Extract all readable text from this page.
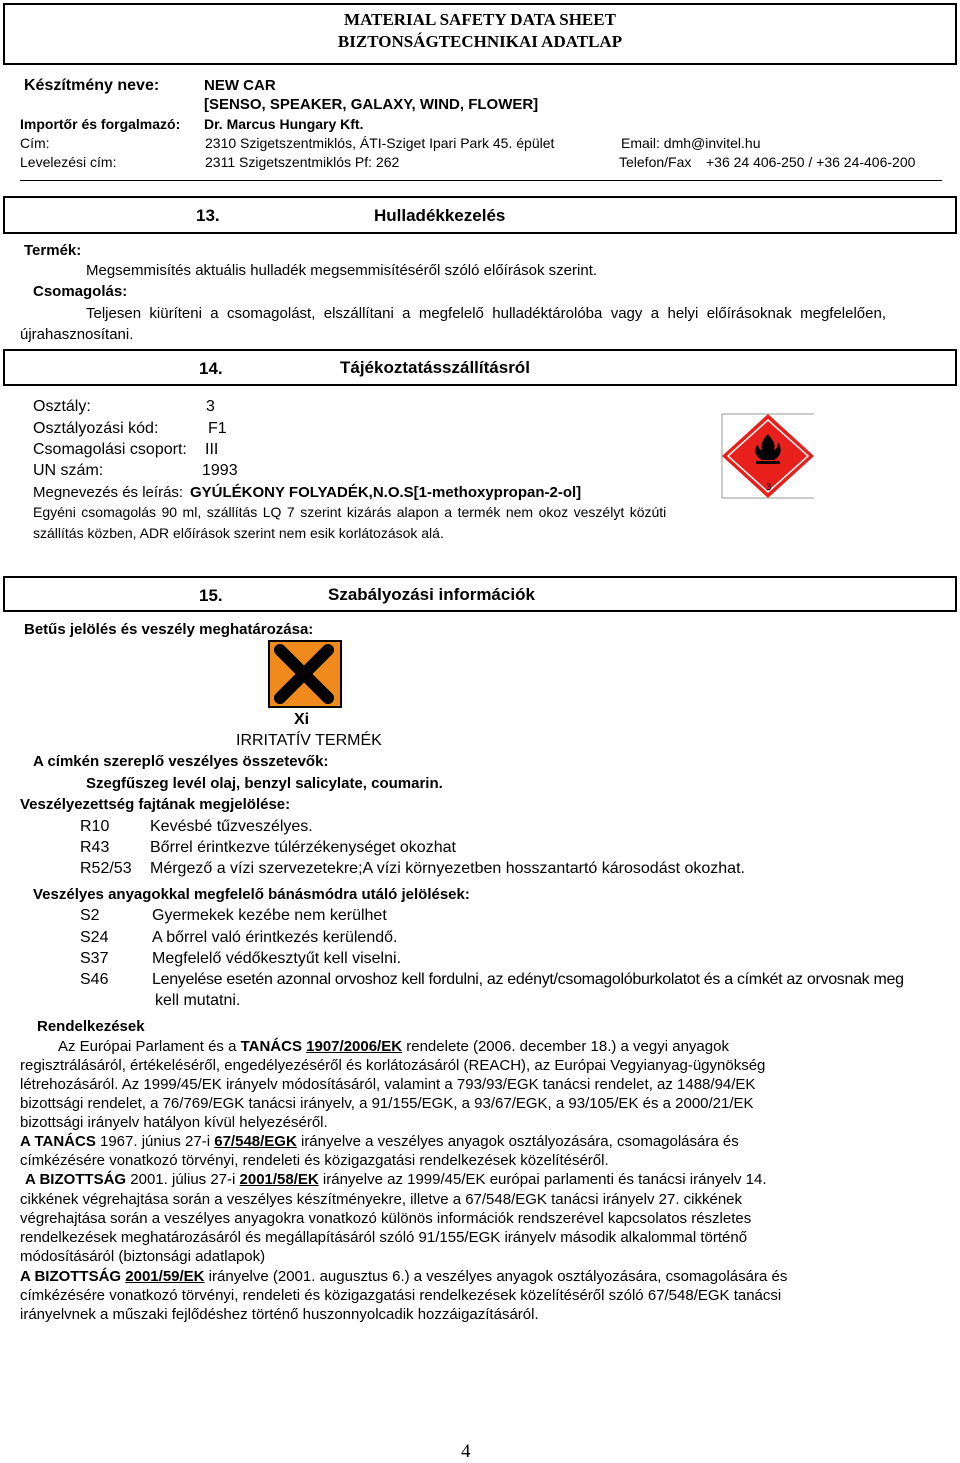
MATERIAL SAFETY DATA SHEET
BIZTONSÁGTECHNIKAI ADATLAP
Készítmény neve:	NEW CAR
[SENSO, SPEAKER, GALAXY, WIND, FLOWER]
Importőr és forgalmazó: Dr. Marcus Hungary Kft.
Cím:	2310 Szigetszentmiklós, ÁTI-Sziget Ipari Park 45. épület	Email: dmh@invitel.hu
Levelezési cím:	2311 Szigetszentmiklós Pf: 262	Telefon/Fax +36 24 406-250 / +36 24-406-200
13.	Hulladékkezelés
Termék:
Megsemmisítés aktuális hulladék megsemmisítéséről szóló előírások szerint.
Csomagolás:
Teljesen kiüríteni a csomagolást, elszállítani a megfelelő hulladéktárolóba vagy a helyi előírásoknak megfelelően,
újrahasznosítani.
14.	Tájékoztatásszállításról
Osztály:	3
Osztályozási kód:	F1
Csomagolási csoport: III
UN szám:	1993
Megnevezés és leírás: GYÚLÉKONY FOLYADÉK,N.O.S[1-methoxypropan-2-ol]
Egyéni csomagolás 90 ml, szállítás LQ 7 szerint kizárás alapon a termék nem okoz veszélyt közúti
szállítás közben, ADR előírások szerint nem esik korlátozások alá.
3
15.	Szabályozási információk
Betűs jelölés és veszély meghatározása:
Xi
Xi
IRRITATÍV TERMÉK
A címkén szereplő veszélyes összetevők:
Szegfűszeg levél olaj, benzyl salicylate, coumarin.
Veszélyezettség fajtának megjelölése:
R10	Kevésbé tűzveszélyes.
R43	Bőrrel érintkezve túlérzékenységet okozhat
R52/53 Mérgező a vízi szervezetekre;A vízi környezetben hosszantartó károsodást okozhat.
Veszélyes anyagokkal megfelelő bánásmódra utáló jelölések:
S2	Gyermekek kezébe nem kerülhet
S24	A bőrrel való érintkezés kerülendő.
S37	Megfelelő védőkesztyűt kell viselni.
S46	Lenyelése esetén azonnal orvoshoz kell fordulni, az edényt/csomagolóburkolatot és a címkét az orvosnak meg
kell mutatni.
Rendelkezések
Az Európai Parlament és a TANÁCS 1907/2006/EK rendelete (2006. december 18.) a vegyi anyagok
regisztrálásáról, értékeléséről, engedélyezéséről és korlátozásáról (REACH), az Európai Vegyianyag-ügynökség
létrehozásáról. Az 1999/45/EK irányelv módosításáról, valamint a 793/93/EGK tanácsi rendelet, az 1488/94/EK
bizottsági rendelet, a 76/769/EGK tanácsi irányelv, a 91/155/EGK, a 93/67/EGK, a 93/105/EK és a 2000/21/EK
bizottsági irányelv hatályon kívül helyezéséről.
A TANÁCS 1967. június 27-i 67/548/EGK irányelve a veszélyes anyagok osztályozására, csomagolására és
címkézésére vonatkozó törvényi, rendeleti és közigazgatási rendelkezések közelítéséről.
A BIZOTTSÁG 2001. július 27-i 2001/58/EK irányelve az 1999/45/EK európai parlamenti és tanácsi irányelv 14.
cikkének végrehajtása során a veszélyes készítményekre, illetve a 67/548/EGK tanácsi irányelv 27. cikkének
végrehajtása során a veszélyes anyagokra vonatkozó különös információk rendszerével kapcsolatos részletes
rendelkezések meghatározásáról és megállapításáról szóló 91/155/EGK irányelv második alkalommal történő
módosításáról (biztonsági adatlapok)
A BIZOTTSÁG 2001/59/EK irányelve (2001. augusztus 6.) a veszélyes anyagok osztályozására, csomagolására és
címkézésére vonatkozó törvényi, rendeleti és közigazgatási rendelkezések közelítéséről szóló 67/548/EGK tanácsi
irányelvnek a műszaki fejlődéshez történő huszonnyolcadik hozzáigazításáról.
4
